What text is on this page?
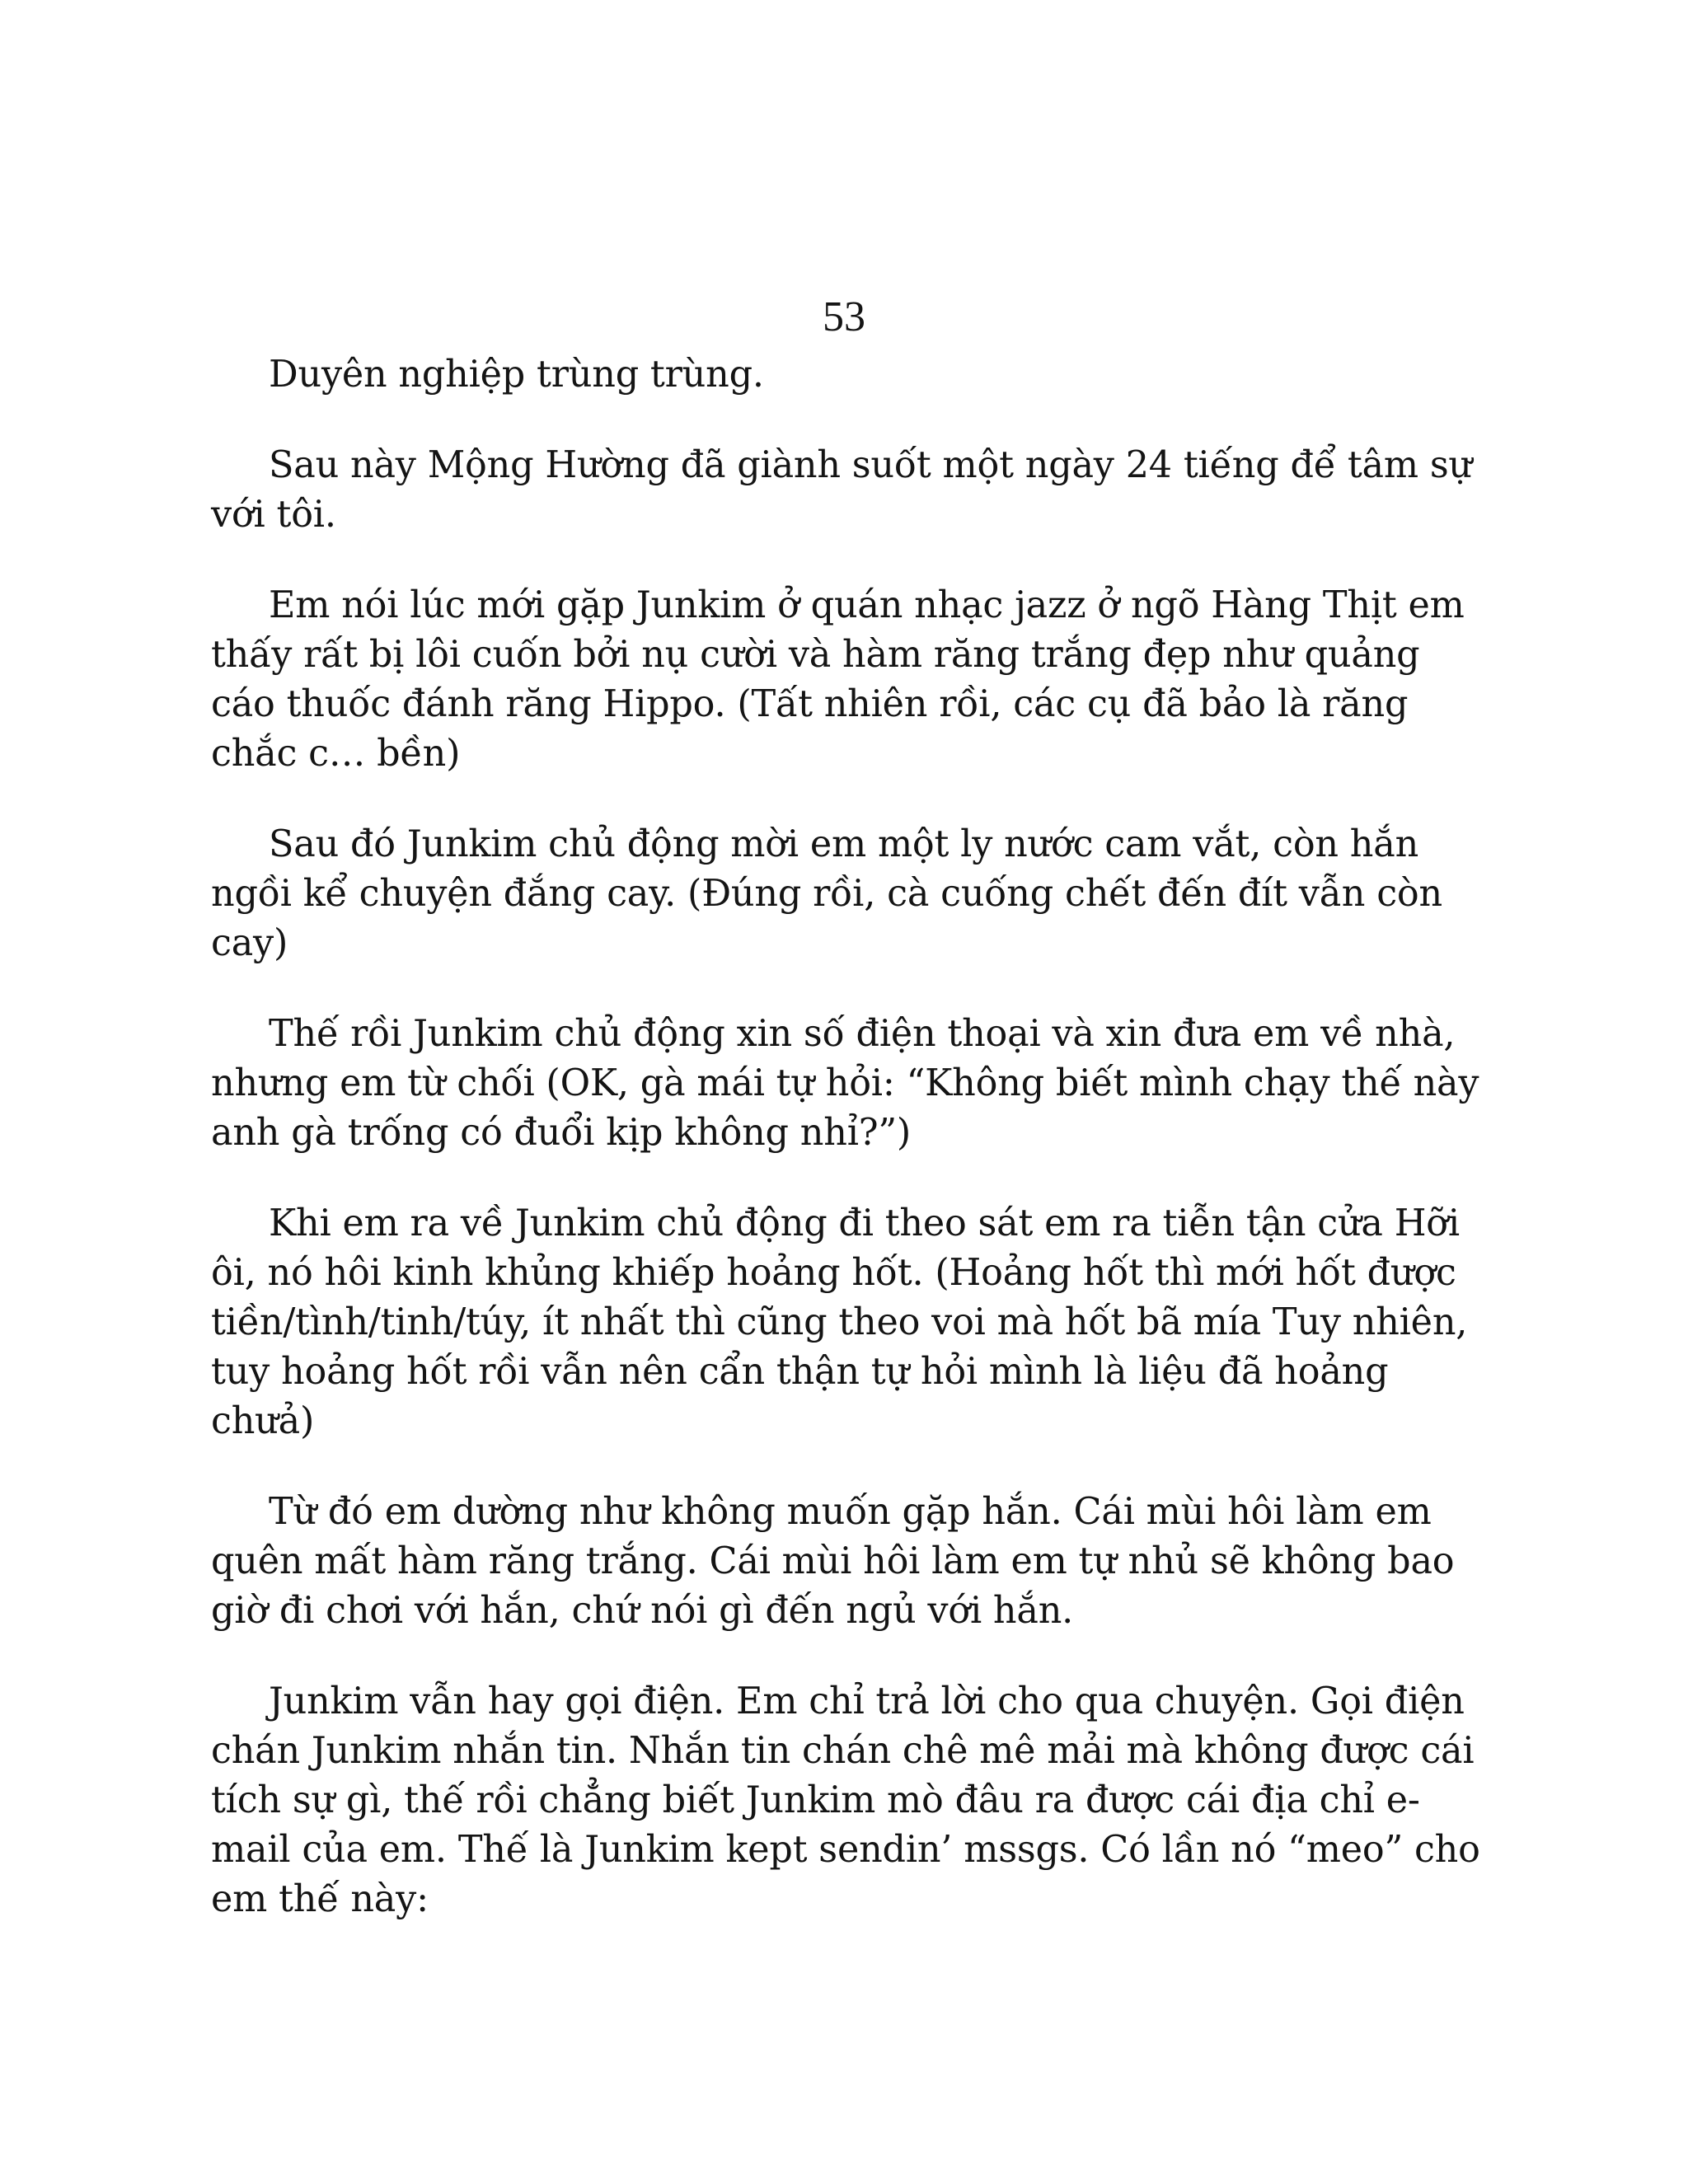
53

Duyên nghiệp trùng trùng.

Sau này Mộng Hường đã giành suốt một ngày 24 tiếng để tâm sự với tôi.

Em nói lúc mới gặp Junkim ở quán nhạc jazz ở ngõ Hàng Thịt em thấy rất bị lôi cuốn bởi nụ cười và hàm răng trắng đẹp như quảng cáo thuốc đánh răng Hippo. (Tất nhiên rồi, các cụ đã bảo là răng chắc c… bền)

Sau đó Junkim chủ động mời em một ly nước cam vắt, còn hắn ngồi kể chuyện đắng cay. (Đúng rồi, cà cuống chết đến đít vẫn còn cay)

Thế rồi Junkim chủ động xin số điện thoại và xin đưa em về nhà, nhưng em từ chối (OK, gà mái tự hỏi: “Không biết mình chạy thế này anh gà trống có đuổi kịp không nhỉ?”)

Khi em ra về Junkim chủ động đi theo sát em ra tiễn tận cửa Hỡi ôi, nó hôi kinh khủng khiếp hoảng hốt. (Hoảng hốt thì mới hốt được tiền/tình/tinh/túy, ít nhất thì cũng theo voi mà hốt bã mía Tuy nhiên, tuy hoảng hốt rồi vẫn nên cẩn thận tự hỏi mình là liệu đã hoảng chưả)

Từ đó em dường như không muốn gặp hắn. Cái mùi hôi làm em quên mất hàm răng trắng. Cái mùi hôi làm em tự nhủ sẽ không bao giờ đi chơi với hắn, chứ nói gì đến ngủ với hắn.

Junkim vẫn hay gọi điện. Em chỉ trả lời cho qua chuyện. Gọi điện chán Junkim nhắn tin. Nhắn tin chán chê mê mải mà không được cái tích sự gì, thế rồi chẳng biết Junkim mò đâu ra được cái địa chỉ e-mail của em. Thế là Junkim kept sendin’ mssgs. Có lần nó “meo” cho em thế này:
